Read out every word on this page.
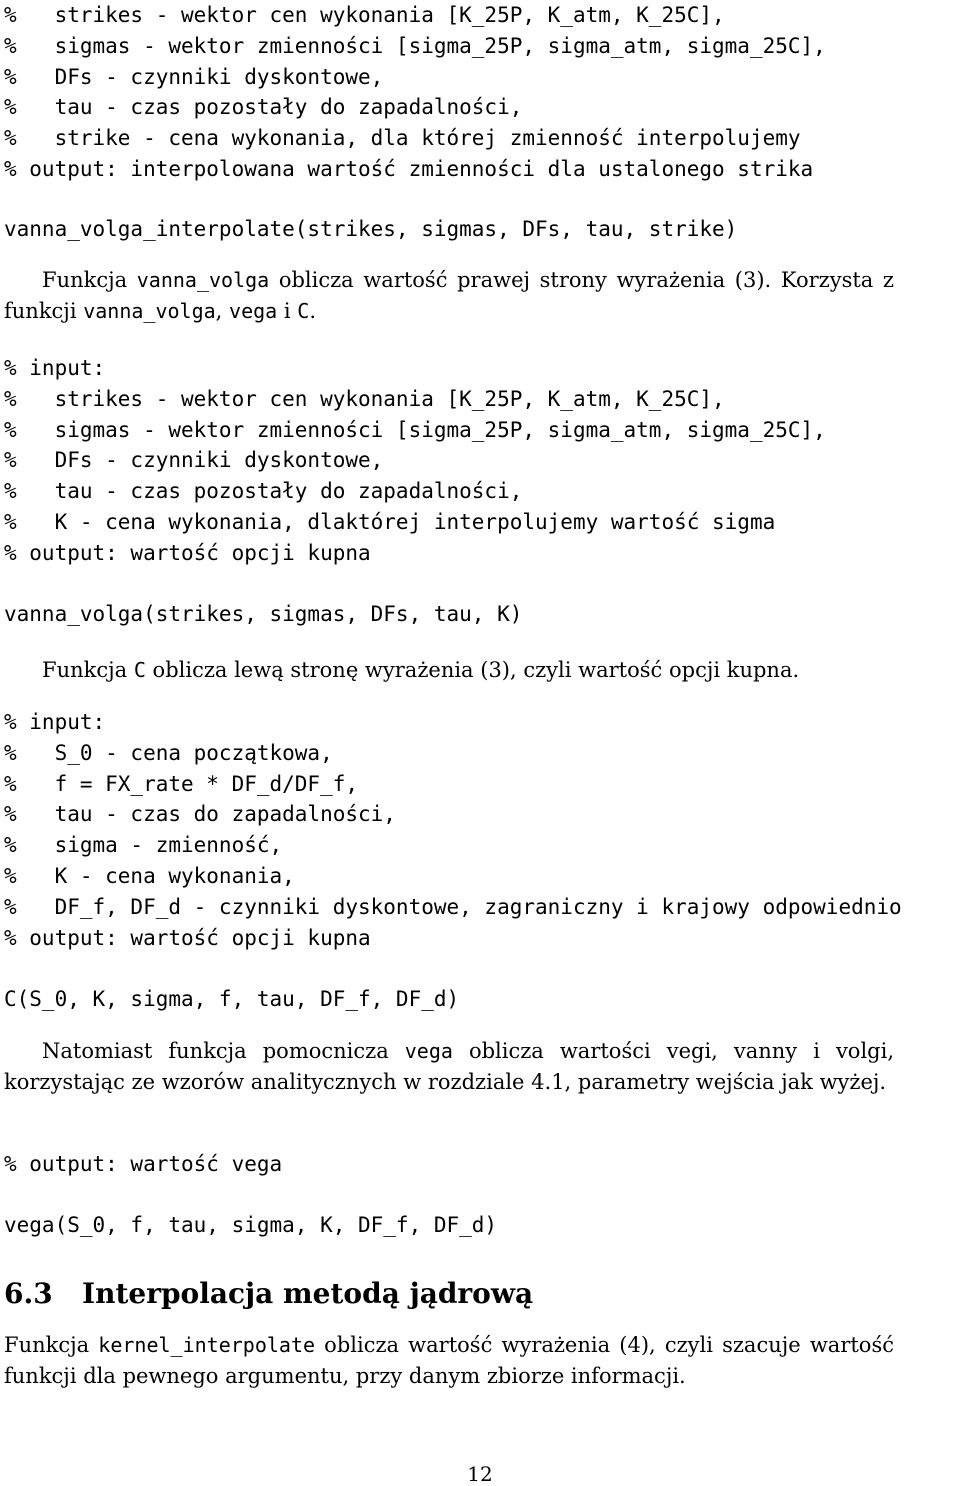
%   strikes - wektor cen wykonania [K_25P, K_atm, K_25C],
%   sigmas - wektor zmienności [sigma_25P, sigma_atm, sigma_25C],
%   DFs - czynniki dyskontowe,
%   tau - czas pozostały do zapadalności,
%   strike - cena wykonania, dla której zmienność interpolujemy
% output: interpolowana wartość zmienności dla ustalonego strika
vanna_volga_interpolate(strikes, sigmas, DFs, tau, strike)

Funkcja vanna_volga oblicza wartość prawej strony wyrażenia (3). Korzysta z funkcji vanna_volga, vega i C.

% input:
%   strikes - wektor cen wykonania [K_25P, K_atm, K_25C],
%   sigmas - wektor zmienności [sigma_25P, sigma_atm, sigma_25C],
%   DFs - czynniki dyskontowe,
%   tau - czas pozostały do zapadalności,
%   K - cena wykonania, dlaktórej interpolujemy wartość sigma
% output: wartość opcji kupna
vanna_volga(strikes, sigmas, DFs, tau, K)

Funkcja C oblicza lewą stronę wyrażenia (3), czyli wartość opcji kupna.

% input:
%   S_0 - cena początkowa,
%   f = FX_rate * DF_d/DF_f,
%   tau - czas do zapadalności,
%   sigma - zmienność,
%   K - cena wykonania,
%   DF_f, DF_d - czynniki dyskontowe, zagraniczny i krajowy odpowiednio
% output: wartość opcji kupna
C(S_0, K, sigma, f, tau, DF_f, DF_d)

Natomiast funkcja pomocnicza vega oblicza wartości vegi, vanny i volgi, korzystając ze wzorów analitycznych w rozdziale 4.1, parametry wejścia jak wyżej.

% output: wartość vega
vega(S_0, f, tau, sigma, K, DF_f, DF_d)
6.3 Interpolacja metodą jądrową

Funkcja kernel_interpolate oblicza wartość wyrażenia (4), czyli szacuje wartość funkcji dla pewnego argumentu, przy danym zbiorze informacji.

12
